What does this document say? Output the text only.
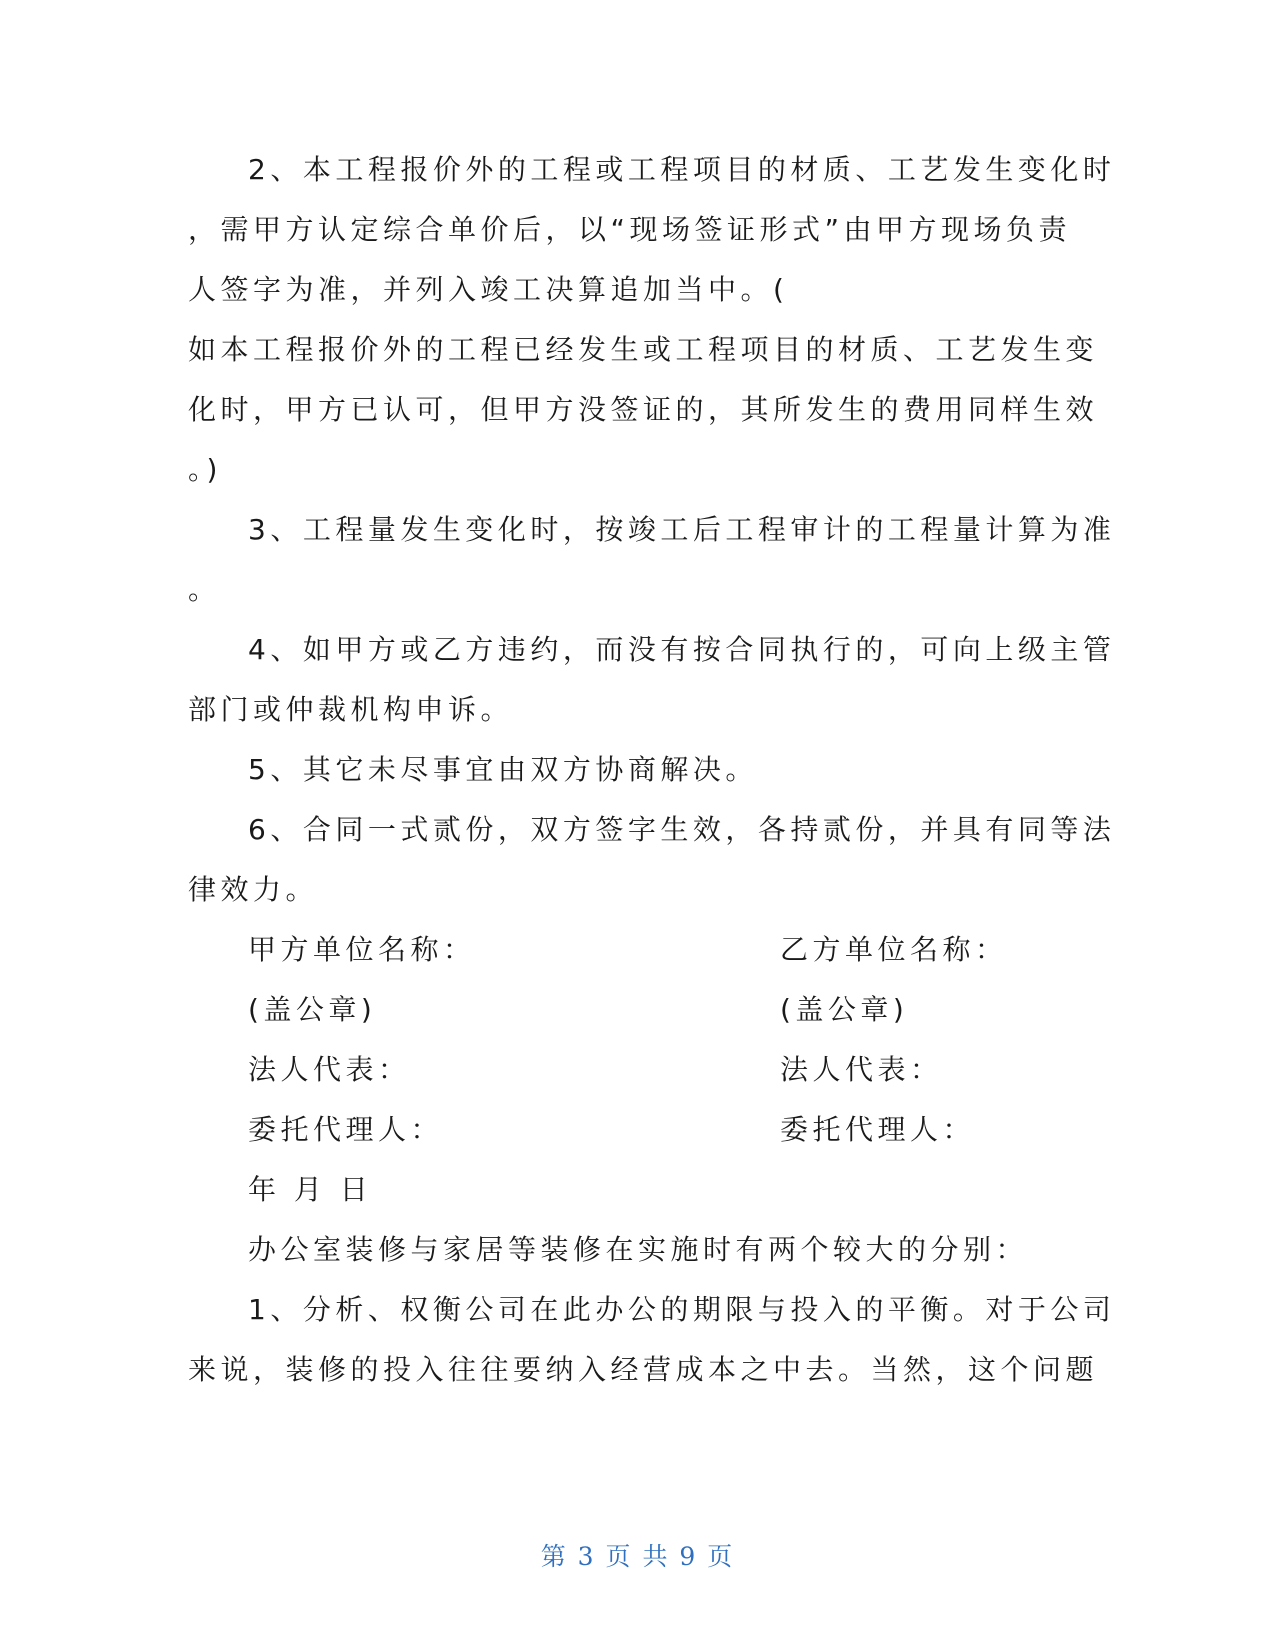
2、本工程报价外的工程或工程项目的材质、工艺发生变化时
，需甲方认定综合单价后，以“现场签证形式”由甲方现场负责
人签字为准，并列入竣工决算追加当中。(
如本工程报价外的工程已经发生或工程项目的材质、工艺发生变
化时，甲方已认可，但甲方没签证的，其所发生的费用同样生效
。)
3、工程量发生变化时，按竣工后工程审计的工程量计算为准
。
4、如甲方或乙方违约，而没有按合同执行的，可向上级主管
部门或仲裁机构申诉。
5、其它未尽事宜由双方协商解决。
6、合同一式贰份，双方签字生效，各持贰份，并具有同等法
律效力。
甲方单位名称：	乙方单位名称：
(盖公章)	(盖公章)
法人代表：	法人代表：
委托代理人：	委托代理人：
年 月 日
办公室装修与家居等装修在实施时有两个较大的分别：
1、分析、权衡公司在此办公的期限与投入的平衡。对于公司
来说，装修的投入往往要纳入经营成本之中去。当然，这个问题
第 3 页 共 9 页
